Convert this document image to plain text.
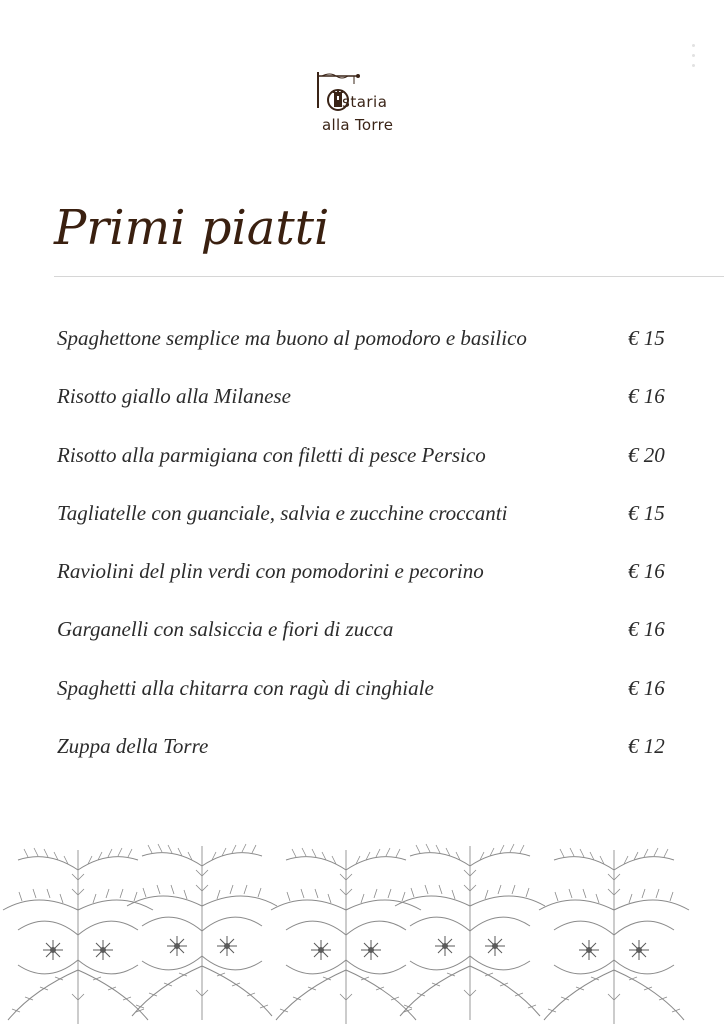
staria
alla Torre
Primi piatti
Spaghettone semplice ma buono al pomodoro e basilico	€ 15
Risotto giallo alla Milanese	€ 16
Risotto alla parmigiana con filetti di pesce Persico	€ 20
Tagliatelle con guanciale, salvia e zucchine croccanti	€ 15
Raviolini del plin verdi con pomodorini e pecorino	€ 16
Garganelli con salsiccia e fiori di zucca	€ 16
Spaghetti alla chitarra con ragù di cinghiale	€ 16
Zuppa della Torre	€ 12
